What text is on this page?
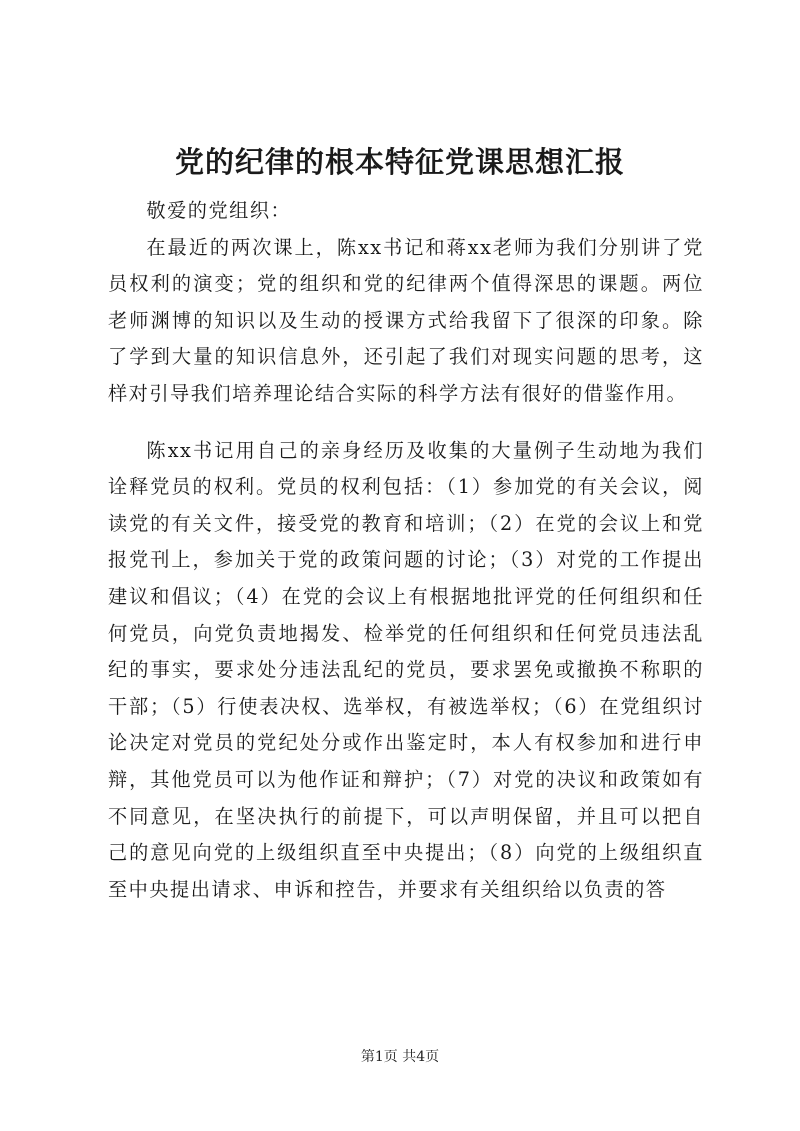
党的纪律的根本特征党课思想汇报

敬爱的党组织：

在最近的两次课上，陈xx书记和蒋xx老师为我们分别讲了党员权利的演变；党的组织和党的纪律两个值得深思的课题。两位老师渊博的知识以及生动的授课方式给我留下了很深的印象。除了学到大量的知识信息外，还引起了我们对现实问题的思考，这样对引导我们培养理论结合实际的科学方法有很好的借鉴作用。

陈xx书记用自己的亲身经历及收集的大量例子生动地为我们诠释党员的权利。党员的权利包括：（1）参加党的有关会议，阅读党的有关文件，接受党的教育和培训；（2）在党的会议上和党报党刊上，参加关于党的政策问题的讨论；（3）对党的工作提出建议和倡议；（4）在党的会议上有根据地批评党的任何组织和任何党员，向党负责地揭发、检举党的任何组织和任何党员违法乱纪的事实，要求处分违法乱纪的党员，要求罢免或撤换不称职的干部；（5）行使表决权、选举权，有被选举权；（6）在党组织讨论决定对党员的党纪处分或作出鉴定时，本人有权参加和进行申辩，其他党员可以为他作证和辩护；（7）对党的决议和政策如有不同意见，在坚决执行的前提下，可以声明保留，并且可以把自己的意见向党的上级组织直至中央提出；（8）向党的上级组织直至中央提出请求、申诉和控告，并要求有关组织给以负责的答

第1页 共4页
